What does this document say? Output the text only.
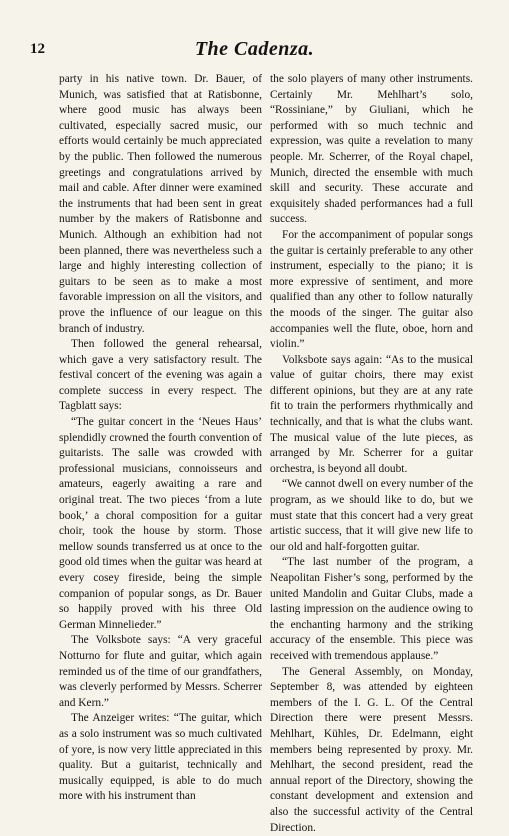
12	The Cadenza.

party in his native town. Dr. Bauer, of Munich, was satisfied that at Ratisbonne, where good music has always been cultivated, especially sacred music, our efforts would certainly be much appreciated by the public. Then followed the numerous greetings and congratulations arrived by mail and cable. After dinner were examined the instruments that had been sent in great number by the makers of Ratisbonne and Munich. Although an exhibition had not been planned, there was nevertheless such a large and highly interesting collection of guitars to be seen as to make a most favorable impression on all the visitors, and prove the influence of our league on this branch of industry.

Then followed the general rehearsal, which gave a very satisfactory result. The festival concert of the evening was again a complete success in every respect. The Tagblatt says:

“The guitar concert in the ‘Neues Haus’ splendidly crowned the fourth convention of guitarists. The salle was crowded with professional musicians, connoisseurs and amateurs, eagerly awaiting a rare and original treat. The two pieces ‘from a lute book,’ a choral composition for a guitar choir, took the house by storm. Those mellow sounds transferred us at once to the good old times when the guitar was heard at every cosey fireside, being the simple companion of popular songs, as Dr. Bauer so happily proved with his three Old German Minnelieder.”

The Volksbote says: “A very graceful Notturno for flute and guitar, which again reminded us of the time of our grandfathers, was cleverly performed by Messrs. Scherrer and Kern.”

The Anzeiger writes: “The guitar, which as a solo instrument was so much cultivated of yore, is now very little appreciated in this quality. But a guitarist, technically and musically equipped, is able to do much more with his instrument than

the solo players of many other instruments. Certainly Mr. Mehlhart’s solo, “Rossiniane,” by Giuliani, which he performed with so much technic and expression, was quite a revelation to many people. Mr. Scherrer, of the Royal chapel, Munich, directed the ensemble with much skill and security. These accurate and exquisitely shaded performances had a full success.

For the accompaniment of popular songs the guitar is certainly preferable to any other instrument, especially to the piano; it is more expressive of sentiment, and more qualified than any other to follow naturally the moods of the singer. The guitar also accompanies well the flute, oboe, horn and violin.”

Volksbote says again: “As to the musical value of guitar choirs, there may exist different opinions, but they are at any rate fit to train the performers rhythmically and technically, and that is what the clubs want. The musical value of the lute pieces, as arranged by Mr. Scherrer for a guitar orchestra, is beyond all doubt.

“We cannot dwell on every number of the program, as we should like to do, but we must state that this concert had a very great artistic success, that it will give new life to our old and half-forgotten guitar.

“The last number of the program, a Neapolitan Fisher’s song, performed by the united Mandolin and Guitar Clubs, made a lasting impression on the audience owing to the enchanting harmony and the striking accuracy of the ensemble. This piece was received with tremendous applause.”

The General Assembly, on Monday, September 8, was attended by eighteen members of the I. G. L. Of the Central Direction there were present Messrs. Mehlhart, Kühles, Dr. Edelmann, eight members being represented by proxy. Mr. Mehlhart, the second president, read the annual report of the Directory, showing the constant development and extension and also the successful activity of the Central Direction.
